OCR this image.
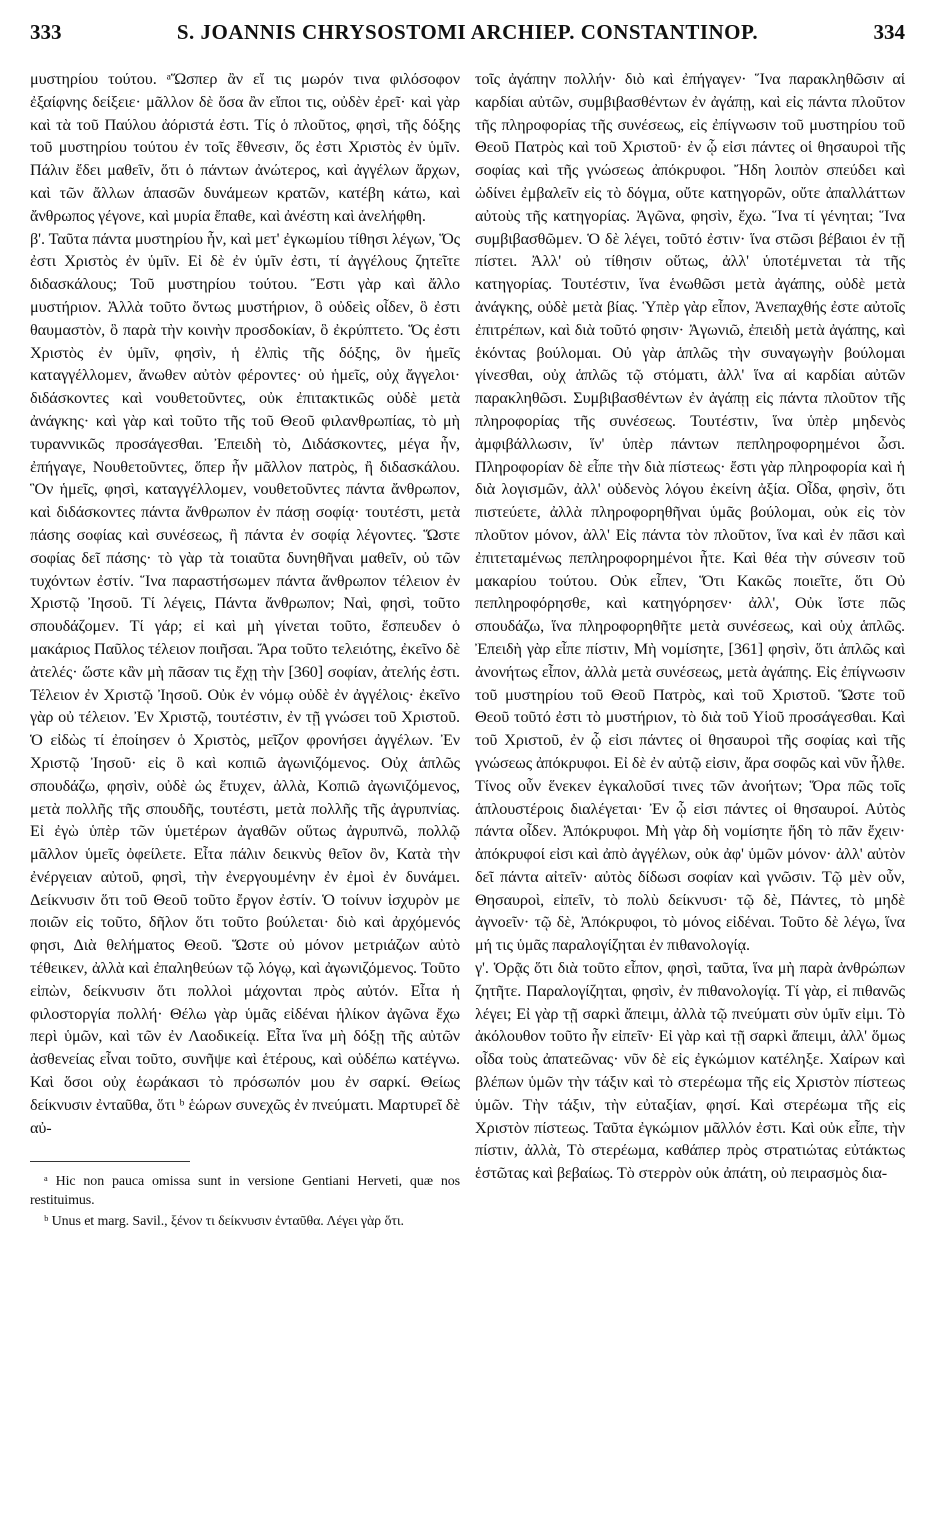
333	S. JOANNIS CHRYSOSTOMI ARCHIEP. CONSTANTINOP.	334

μυστηρίου τούτου. ᵃὭσπερ ἂν εἴ τις μωρόν τινα φιλόσοφον ἐξαίφνης δείξειε· μᾶλλον δὲ ὅσα ἂν εἴποι τις, οὐδὲν ἐρεῖ· καὶ γὰρ καὶ τὰ τοῦ Παύλου ἀόριστά ἐστι. Τίς ὁ πλοῦτος, φησὶ, τῆς δόξης τοῦ μυστηρίου τούτου ἐν τοῖς ἔθνεσιν, ὅς ἐστι Χριστὸς ἐν ὑμῖν. Πάλιν ἔδει μαθεῖν, ὅτι ὁ πάντων ἀνώτερος, καὶ ἀγγέλων ἄρχων, καὶ τῶν ἄλλων ἁπασῶν δυνάμεων κρατῶν, κατέβη κάτω, καὶ ἄνθρωπος γέγονε, καὶ μυρία ἔπαθε, καὶ ἀνέστη καὶ ἀνελήφθη.
β'. Ταῦτα πάντα μυστηρίου ἦν, καὶ μετ' ἐγκωμίου τίθησι λέγων, Ὅς ἐστι Χριστὸς ἐν ὑμῖν. Εἰ δὲ ἐν ὑμῖν ἐστι, τί ἀγγέλους ζητεῖτε διδασκάλους; Τοῦ μυστηρίου τούτου. Ἔστι γὰρ καὶ ἄλλο μυστήριον. Ἀλλὰ τοῦτο ὄντως μυστήριον, ὃ οὐδεὶς οἶδεν, ὃ ἐστι θαυμαστὸν, ὃ παρὰ τὴν κοινὴν προσδοκίαν, ὃ ἐκρύπτετο. Ὅς ἐστι Χριστὸς ἐν ὑμῖν, φησὶν, ἡ ἐλπὶς τῆς δόξης, ὃν ἡμεῖς καταγγέλλομεν, ἄνωθεν αὐτὸν φέροντες· οὐ ἡμεῖς, οὐχ ἄγγελοι· διδάσκοντες καὶ νουθετοῦντες, οὐκ ἐπιτακτικῶς οὐδὲ μετὰ ἀνάγκης· καὶ γὰρ καὶ τοῦτο τῆς τοῦ Θεοῦ φιλανθρωπίας, τὸ μὴ τυραννικῶς προσάγεσθαι. Ἐπειδὴ τὸ, Διδάσκοντες, μέγα ἦν, ἐπήγαγε, Νουθετοῦντες, ὅπερ ἦν μᾶλλον πατρὸς, ἢ διδασκάλου. Ὃν ἡμεῖς, φησὶ, καταγγέλλομεν, νουθετοῦντες πάντα ἄνθρωπον, καὶ διδάσκοντες πάντα ἄνθρωπον ἐν πάσῃ σοφίᾳ· τουτέστι, μετὰ πάσης σοφίας καὶ συνέσεως, ἢ πάντα ἐν σοφίᾳ λέγοντες. Ὥστε σοφίας δεῖ πάσης· τὸ γὰρ τὰ τοιαῦτα δυνηθῆναι μαθεῖν, οὐ τῶν τυχόντων ἐστίν. Ἵνα παραστήσωμεν πάντα ἄνθρωπον τέλειον ἐν Χριστῷ Ἰησοῦ. Τί λέγεις, Πάντα ἄνθρωπον; Ναὶ, φησὶ, τοῦτο σπουδάζομεν. Τί γάρ; εἰ καὶ μὴ γίνεται τοῦτο, ἔσπευδεν ὁ μακάριος Παῦλος τέλειον ποιῆσαι. Ἄρα τοῦτο τελειότης, ἐκεῖνο δὲ ἀτελές· ὥστε κἂν μὴ πᾶσαν τις ἔχῃ τὴν [360] σοφίαν, ἀτελής ἐστι. Τέλειον ἐν Χριστῷ Ἰησοῦ. Οὐκ ἐν νόμῳ οὐδὲ ἐν ἀγγέλοις· ἐκεῖνο γὰρ οὐ τέλειον. Ἐν Χριστῷ, τουτέστιν, ἐν τῇ γνώσει τοῦ Χριστοῦ. Ὁ εἰδὼς τί ἐποίησεν ὁ Χριστὸς, μεῖζον φρονήσει ἀγγέλων. Ἐν Χριστῷ Ἰησοῦ· εἰς ὃ καὶ κοπιῶ ἀγωνιζόμενος. Οὐχ ἁπλῶς σπουδάζω, φησὶν, οὐδὲ ὡς ἔτυχεν, ἀλλὰ, Κοπιῶ ἀγωνιζόμενος, μετὰ πολλῆς τῆς σπουδῆς, τουτέστι, μετὰ πολλῆς τῆς ἀγρυπνίας. Εἰ ἐγὼ ὑπὲρ τῶν ὑμετέρων ἀγαθῶν οὕτως ἀγρυπνῶ, πολλῷ μᾶλλον ὑμεῖς ὀφείλετε. Εἶτα πάλιν δεικνὺς θεῖον ὂν, Κατὰ τὴν ἐνέργειαν αὐτοῦ, φησὶ, τὴν ἐνεργουμένην ἐν ἐμοὶ ἐν δυνάμει. Δείκνυσιν ὅτι τοῦ Θεοῦ τοῦτο ἔργον ἐστίν. Ὁ τοίνυν ἰσχυρὸν με ποιῶν εἰς τοῦτο, δῆλον ὅτι τοῦτο βούλεται· διὸ καὶ ἀρχόμενός φησι, Διὰ θελήματος Θεοῦ. Ὥστε οὐ μόνον μετριάζων αὐτὸ τέθεικεν, ἀλλὰ καὶ ἐπαληθεύων τῷ λόγῳ, καὶ ἀγωνιζόμενος. Τοῦτο εἰπὼν, δείκνυσιν ὅτι πολλοὶ μάχονται πρὸς αὐτόν. Εἶτα ἡ φιλοστοργία πολλή· Θέλω γὰρ ὑμᾶς εἰδέναι ἡλίκον ἀγῶνα ἔχω περὶ ὑμῶν, καὶ τῶν ἐν Λαοδικείᾳ. Εἶτα ἵνα μὴ δόξῃ τῆς αὐτῶν ἀσθενείας εἶναι τοῦτο, συνῆψε καὶ ἑτέρους, καὶ οὐδέπω κατέγνω. Καὶ ὅσοι οὐχ ἑωράκασι τὸ πρόσωπόν μου ἐν σαρκί. Θείως δείκνυσιν ἐνταῦθα, ὅτι ᵇ ἑώρων συνεχῶς ἐν πνεύματι. Μαρτυρεῖ δὲ αὐ-

ᵃ Hic non pauca omissa sunt in versione Gentiani Herveti, quæ nos restituimus.

ᵇ Unus et marg. Savil., ξένον τι δείκνυσιν ἐνταῦθα. Λέγει γὰρ ὅτι.

τοῖς ἀγάπην πολλήν· διὸ καὶ ἐπήγαγεν· Ἵνα παρακληθῶσιν αἱ καρδίαι αὐτῶν, συμβιβασθέντων ἐν ἀγάπῃ, καὶ εἰς πάντα πλοῦτον τῆς πληροφορίας τῆς συνέσεως, εἰς ἐπίγνωσιν τοῦ μυστηρίου τοῦ Θεοῦ Πατρὸς καὶ τοῦ Χριστοῦ· ἐν ᾧ εἰσι πάντες οἱ θησαυροὶ τῆς σοφίας καὶ τῆς γνώσεως ἀπόκρυφοι. Ἤδη λοιπὸν σπεύδει καὶ ὠδίνει ἐμβαλεῖν εἰς τὸ δόγμα, οὔτε κατηγορῶν, οὔτε ἀπαλλάττων αὐτοὺς τῆς κατηγορίας. Ἀγῶνα, φησὶν, ἔχω. Ἵνα τί γένηται; Ἵνα συμβιβασθῶμεν. Ὁ δὲ λέγει, τοῦτό ἐστιν· ἵνα στῶσι βέβαιοι ἐν τῇ πίστει. Ἀλλ' οὐ τίθησιν οὕτως, ἀλλ' ὑποτέμνεται τὰ τῆς κατηγορίας. Τουτέστιν, ἵνα ἑνωθῶσι μετὰ ἀγάπης, οὐδὲ μετὰ ἀνάγκης, οὐδὲ μετὰ βίας. Ὑπὲρ γὰρ εἶπον, Ἀνεπαχθής ἐστε αὐτοῖς ἐπιτρέπων, καὶ διὰ τοῦτό φησιν· Ἀγωνιῶ, ἐπειδὴ μετὰ ἀγάπης, καὶ ἑκόντας βούλομαι. Οὐ γὰρ ἁπλῶς τὴν συναγωγὴν βούλομαι γίνεσθαι, οὐχ ἁπλῶς τῷ στόματι, ἀλλ' ἵνα αἱ καρδίαι αὐτῶν παρακληθῶσι. Συμβιβασθέντων ἐν ἀγάπῃ εἰς πάντα πλοῦτον τῆς πληροφορίας τῆς συνέσεως. Τουτέστιν, ἵνα ὑπὲρ μηδενὸς ἀμφιβάλλωσιν, ἵν' ὑπὲρ πάντων πεπληροφορημένοι ὦσι. Πληροφορίαν δὲ εἶπε τὴν διὰ πίστεως· ἔστι γὰρ πληροφορία καὶ ἡ διὰ λογισμῶν, ἀλλ' οὐδενὸς λόγου ἐκείνη ἀξία. Οἶδα, φησὶν, ὅτι πιστεύετε, ἀλλὰ πληροφορηθῆναι ὑμᾶς βούλομαι, οὐκ εἰς τὸν πλοῦτον μόνον, ἀλλ' Εἰς πάντα τὸν πλοῦτον, ἵνα καὶ ἐν πᾶσι καὶ ἐπιτεταμένως πεπληροφορημένοι ἦτε. Καὶ θέα τὴν σύνεσιν τοῦ μακαρίου τούτου. Οὐκ εἶπεν, Ὅτι Κακῶς ποιεῖτε, ὅτι Οὐ πεπληροφόρησθε, καὶ κατηγόρησεν· ἀλλ', Οὐκ ἴστε πῶς σπουδάζω, ἵνα πληροφορηθῆτε μετὰ συνέσεως, καὶ οὐχ ἁπλῶς. Ἐπειδὴ γὰρ εἶπε πίστιν, Μὴ νομίσητε, [361] φησὶν, ὅτι ἁπλῶς καὶ ἀνονήτως εἶπον, ἀλλὰ μετὰ συνέσεως, μετὰ ἀγάπης. Εἰς ἐπίγνωσιν τοῦ μυστηρίου τοῦ Θεοῦ Πατρὸς, καὶ τοῦ Χριστοῦ. Ὥστε τοῦ Θεοῦ τοῦτό ἐστι τὸ μυστήριον, τὸ διὰ τοῦ Υἱοῦ προσάγεσθαι. Καὶ τοῦ Χριστοῦ, ἐν ᾧ εἰσι πάντες οἱ θησαυροὶ τῆς σοφίας καὶ τῆς γνώσεως ἀπόκρυφοι. Εἰ δὲ ἐν αὐτῷ εἰσιν, ἄρα σοφῶς καὶ νῦν ἦλθε. Τίνος οὖν ἕνεκεν ἐγκαλοῦσί τινες τῶν ἀνοήτων; Ὅρα πῶς τοῖς ἁπλουστέροις διαλέγεται· Ἐν ᾧ εἰσι πάντες οἱ θησαυροί. Αὐτὸς πάντα οἶδεν. Ἀπόκρυφοι. Μὴ γὰρ δὴ νομίσητε ἤδη τὸ πᾶν ἔχειν· ἀπόκρυφοί εἰσι καὶ ἀπὸ ἀγγέλων, οὐκ ἀφ' ὑμῶν μόνον· ἀλλ' αὐτὸν δεῖ πάντα αἰτεῖν· αὐτὸς δίδωσι σοφίαν καὶ γνῶσιν. Τῷ μὲν οὖν, Θησαυροὶ, εἰπεῖν, τὸ πολὺ δείκνυσι· τῷ δὲ, Πάντες, τὸ μηδὲ ἀγνοεῖν· τῷ δὲ, Ἀπόκρυφοι, τὸ μόνος εἰδέναι. Τοῦτο δὲ λέγω, ἵνα μή τις ὑμᾶς παραλογίζηται ἐν πιθανολογίᾳ.
γ'. Ὁρᾷς ὅτι διὰ τοῦτο εἶπον, φησὶ, ταῦτα, ἵνα μὴ παρὰ ἀνθρώπων ζητῆτε. Παραλογίζηται, φησὶν, ἐν πιθανολογίᾳ. Τί γὰρ, εἰ πιθανῶς λέγει; Εἰ γὰρ τῇ σαρκὶ ἄπειμι, ἀλλὰ τῷ πνεύματι σὺν ὑμῖν εἰμι. Τὸ ἀκόλουθον τοῦτο ἦν εἰπεῖν· Εἰ γὰρ καὶ τῇ σαρκὶ ἄπειμι, ἀλλ' ὅμως οἶδα τοὺς ἀπατεῶνας· νῦν δὲ εἰς ἐγκώμιον κατέληξε. Χαίρων καὶ βλέπων ὑμῶν τὴν τάξιν καὶ τὸ στερέωμα τῆς εἰς Χριστὸν πίστεως ὑμῶν. Τὴν τάξιν, τὴν εὐταξίαν, φησί. Καὶ στερέωμα τῆς εἰς Χριστὸν πίστεως. Ταῦτα ἐγκώμιον μᾶλλόν ἐστι. Καὶ οὐκ εἶπε, τὴν πίστιν, ἀλλὰ, Τὸ στερέωμα, καθάπερ πρὸς στρατιώτας εὐτάκτως ἑστῶτας καὶ βεβαίως. Τὸ στερρὸν οὐκ ἀπάτη, οὐ πειρασμὸς δια-
